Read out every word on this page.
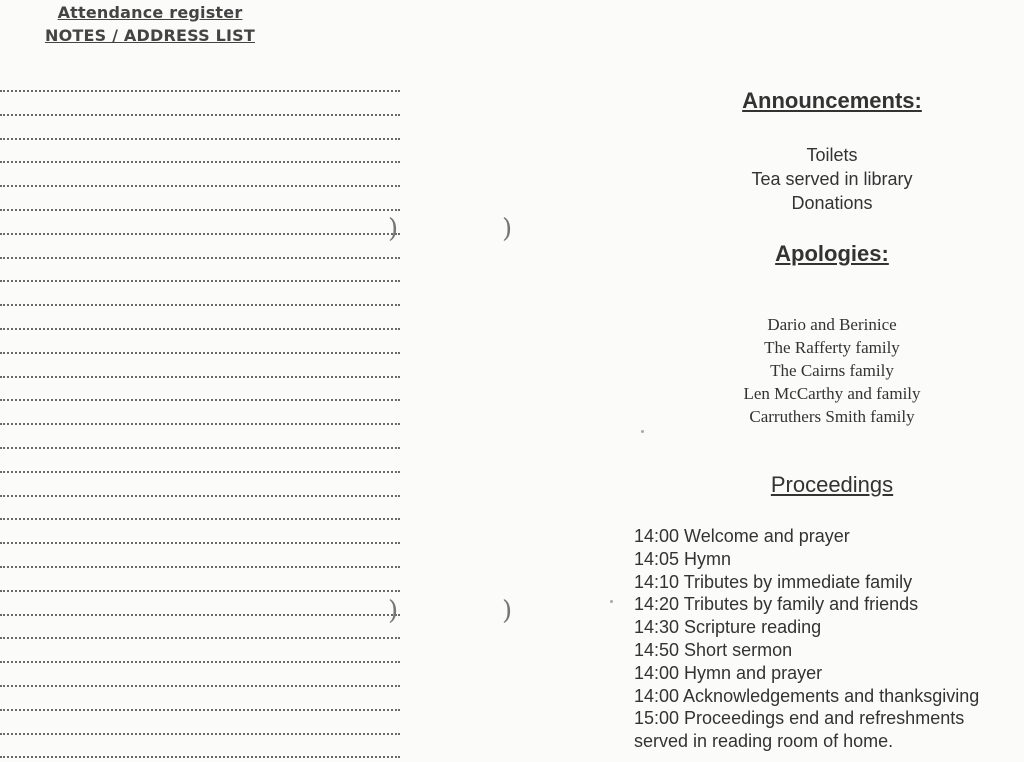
Attendance register
NOTES / ADDRESS LIST
)
)
)
)
Announcements:
Toilets
Tea served in library
Donations
Apologies:
Dario and Berinice
The Rafferty family
The Cairns family
Len McCarthy and family
Carruthers Smith family
Proceedings
14:00 Welcome and prayer
14:05 Hymn
14:10 Tributes by immediate family
14:20 Tributes by family and friends
14:30 Scripture reading
14:50 Short sermon
14:00 Hymn and prayer
14:00 Acknowledgements and thanksgiving
15:00 Proceedings end and refreshments
served in reading room of home.
